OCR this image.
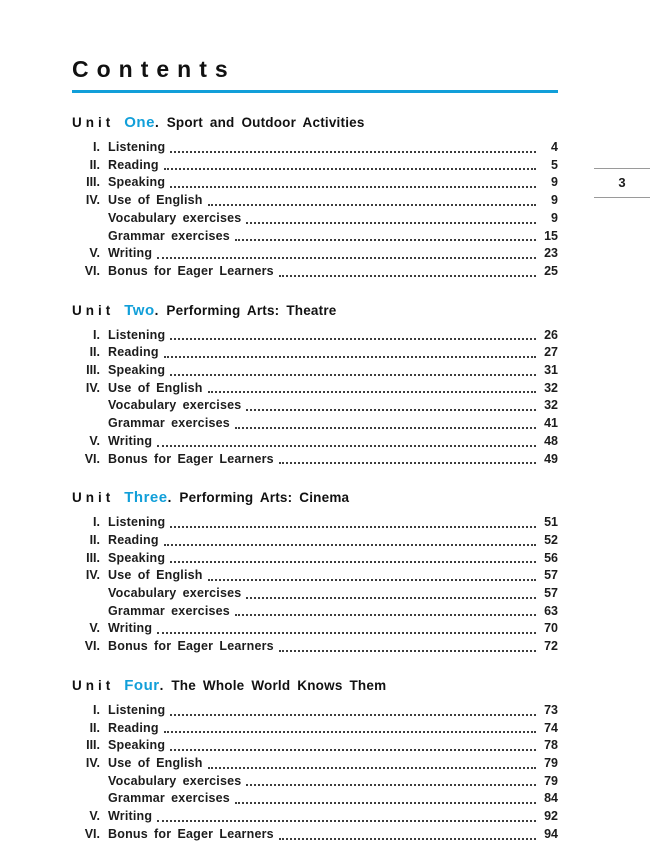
Contents
Unit One. Sport and Outdoor Activities
I. Listening	4
II. Reading	5
III. Speaking	9
IV. Use of English	9
Vocabulary exercises	9
Grammar exercises	15
V. Writing	23
VI. Bonus for Eager Learners	25
Unit Two. Performing Arts: Theatre
I. Listening	26
II. Reading	27
III. Speaking	31
IV. Use of English	32
Vocabulary exercises	32
Grammar exercises	41
V. Writing	48
VI. Bonus for Eager Learners	49
Unit Three. Performing Arts: Cinema
I. Listening	51
II. Reading	52
III. Speaking	56
IV. Use of English	57
Vocabulary exercises	57
Grammar exercises	63
V. Writing	70
VI. Bonus for Eager Learners	72
Unit Four. The Whole World Knows Them
I. Listening	73
II. Reading	74
III. Speaking	78
IV. Use of English	79
Vocabulary exercises	79
Grammar exercises	84
V. Writing	92
VI. Bonus for Eager Learners	94
3
